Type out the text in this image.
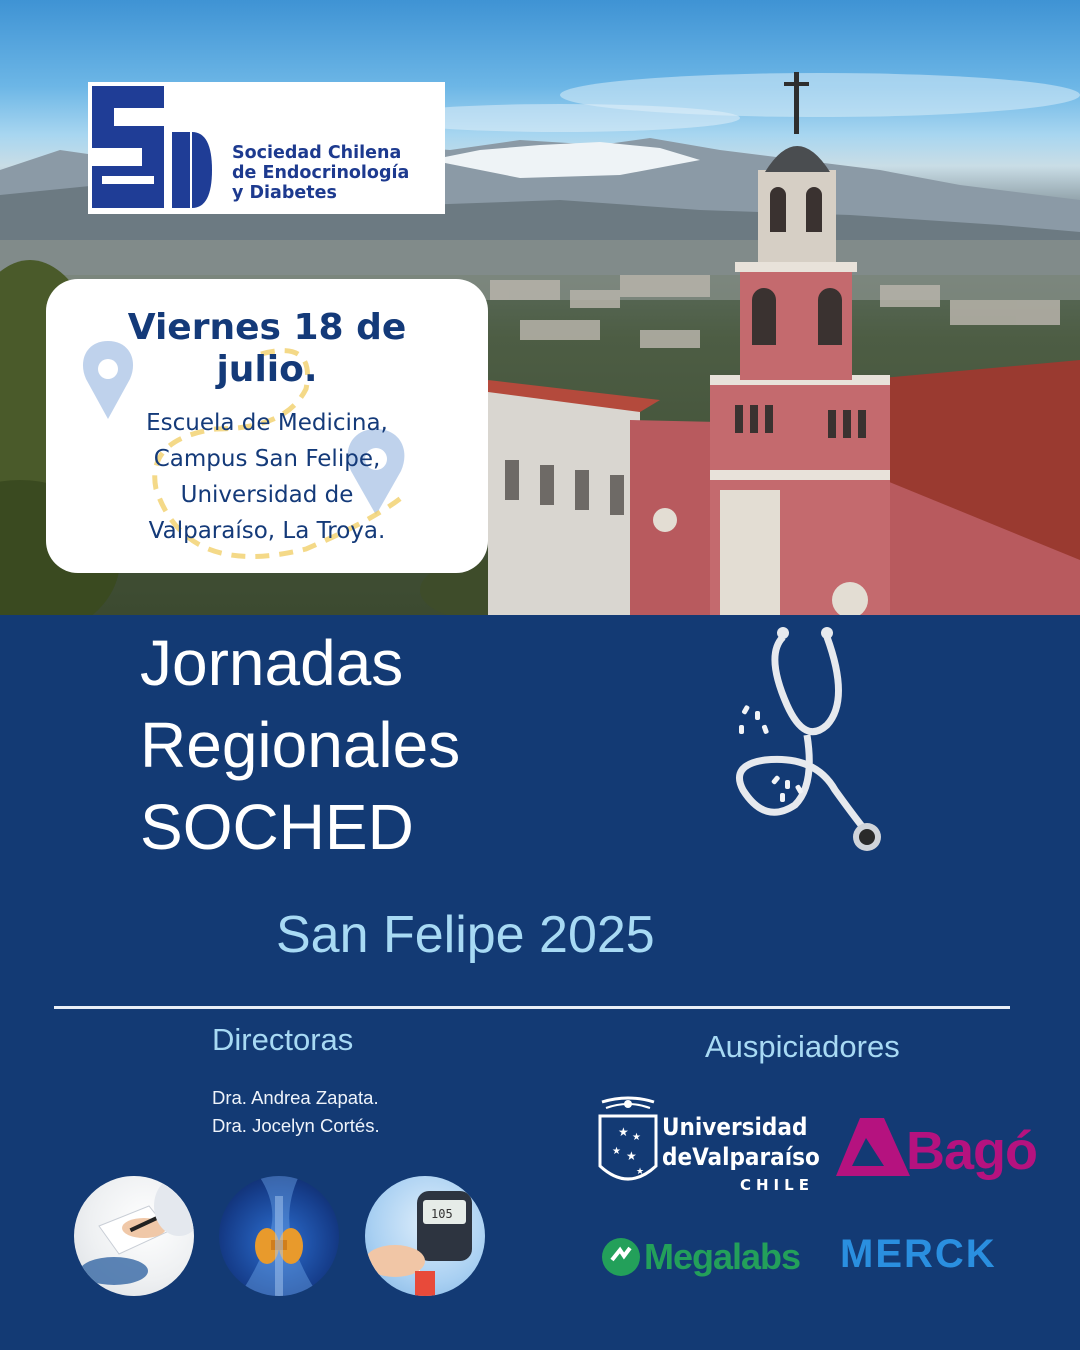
Sociedad Chilena
de Endocrinología
y Diabetes
Viernes 18 de
julio.
Escuela de Medicina,
Campus San Felipe,
Universidad de
Valparaíso, La Troya.
Jornadas
Regionales
SOCHED
San Felipe 2025
Directoras
Dra. Andrea Zapata.
Dra. Jocelyn Cortés.
105
Auspiciadores
★ ★
★ ★
★
Universidad
deValparaíso
CHILE
Bagó
Megalabs MERCK
